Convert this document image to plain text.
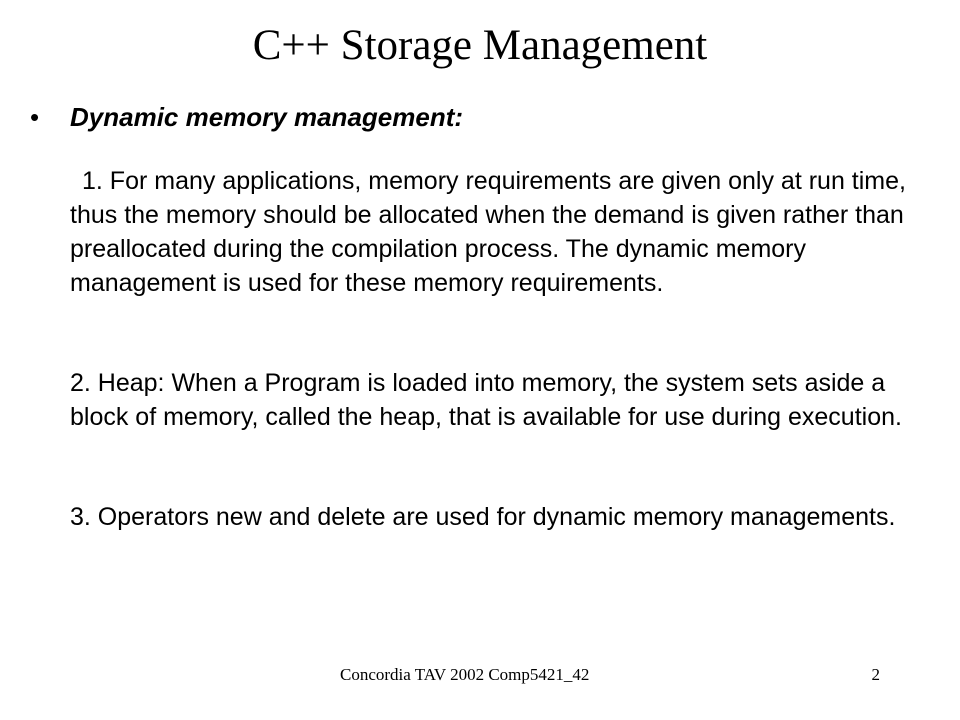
C++ Storage Management
• Dynamic memory management:

1. For many applications, memory requirements are given only at run time, thus the memory should be allocated when the demand is given rather than preallocated during the compilation process. The dynamic memory management is used for these memory requirements.

2. Heap: When a Program is loaded into memory, the system sets aside a block of memory, called the heap, that is available for use during execution.

3. Operators new and delete are used for dynamic memory managements.

Concordia TAV 2002 Comp5421_42	2
